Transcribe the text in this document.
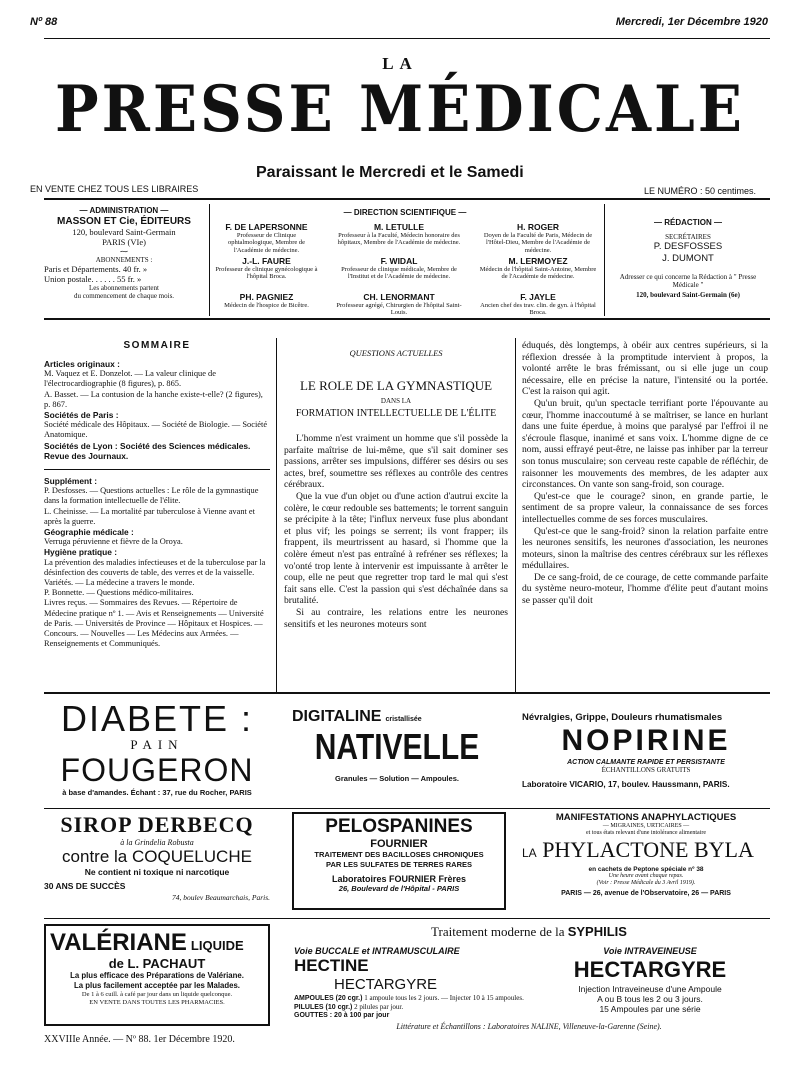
Nº 88	Mercredi, 1er Décembre 1920
LA
PRESSE MÉDICALE
Paraissant le Mercredi et le Samedi
EN VENTE CHEZ TOUS LES LIBRAIRES	LE NUMÉRO : 50 centimes.
— ADMINISTRATION —
MASSON ET Cie, ÉDITEURS
120, boulevard Saint-Germain
PARIS (VIe)
⁓
ABONNEMENTS :
Paris et Départements. 40 fr. »
Union postale. . . . . . 55 fr. »
Les abonnements partent
du commencement de chaque mois.
— DIRECTION SCIENTIFIQUE —
F. DE LAPERSONNE
Professeur de Clinique ophtalmologique, Membre de l'Académie de médecine.
M. LETULLE
Professeur à la Faculté, Médecin honoraire des hôpitaux, Membre de l'Académie de médecine.
H. ROGER
Doyen de la Faculté de Paris, Médecin de l'Hôtel-Dieu, Membre de l'Académie de médecine.
J.-L. FAURE
Professeur de clinique gynécologique à l'hôpital Broca.
F. WIDAL
Professeur de clinique médicale, Membre de l'Institut et de l'Académie de médecine.
M. LERMOYEZ
Médecin de l'hôpital Saint-Antoine, Membre de l'Académie de médecine.
PH. PAGNIEZ
Médecin de l'hospice de Bicêtre.
CH. LENORMANT
Professeur agrégé, Chirurgien de l'hôpital Saint-Louis.
F. JAYLE
Ancien chef des trav. clin. de gyn. à l'hôpital Broca.
— RÉDACTION —
SECRÉTAIRES
P. DESFOSSES
J. DUMONT
Adresser ce qui concerne la Rédaction à " Presse Médicale "
120, boulevard Saint-Germain (6e)
SOMMAIRE
Articles originaux :
M. Vaquez et E. Donzelot. — La valeur clinique de l'électrocardiographie (8 figures), p. 865.
A. Basset. — La contusion de la hanche existe-t-elle? (2 figures), p. 867.
Sociétés de Paris :
Société médicale des Hôpitaux. — Société de Biologie. — Société Anatomique.
Sociétés de Lyon : Société des Sciences médicales.
Revue des Journaux.
Supplément :
P. Desfosses. — Questions actuelles : Le rôle de la gymnastique dans la formation intellectuelle de l'élite.
L. Cheinisse. — La mortalité par tuberculose à Vienne avant et après la guerre.
Géographie médicale :
Verruga péruvienne et fièvre de la Oroya.
Hygiène pratique :
La prévention des maladies infectieuses et de la tuberculose par la désinfection des couverts de table, des verres et de la vaisselle.
Variétés. — La médecine a travers le monde.
P. Bonnette. — Questions médico-militaires.
Livres reçus. — Sommaires des Revues. — Répertoire de Médecine pratique nº 1. — Avis et Renseignements — Université de Paris. — Universités de Province — Hôpitaux et Hospices. — Concours. — Nouvelles — Les Médecins aux Armées. — Renseignements et Communiqués.
QUESTIONS ACTUELLES
LE ROLE DE LA GYMNASTIQUE
DANS LA
FORMATION INTELLECTUELLE DE L'ÉLITE

L'homme n'est vraiment un homme que s'il possède la parfaite maîtrise de lui-même, que s'il sait dominer ses passions, arrêter ses impulsions, différer ses désirs ou ses actes, bref, soumettre ses réflexes au contrôle des centres cérébraux.

Que la vue d'un objet ou d'une action d'autrui excite la colère, le cœur redouble ses battements; le torrent sanguin se précipite à la tête; l'influx nerveux fuse plus abondant et plus vif; les poings se serrent; ils vont frapper; ils frappent, ils meurtrissent au hasard, si l'homme que la colère émeut n'est pas entraîné à refréner ses réflexes; la vo'onté trop lente à intervenir est impuissante à arrêter le coup, elle ne peut que regretter trop tard le mal qui s'est fait sans elle. C'est la passion qui s'est déchaînée dans sa brutalité.

Si au contraire, les relations entre les neurones sensitifs et les neurones moteurs sont

éduqués, dès longtemps, à obéir aux centres supérieurs, si la réflexion dressée à la promptitude intervient à propos, la volonté arrête le bras frémissant, ou si elle juge un coup nécessaire, elle en précise la nature, l'intensité ou la portée. C'est la raison qui agit.

Qu'un bruit, qu'un spectacle terrifiant porte l'épouvante au cœur, l'homme inaccoutumé à se maîtriser, se lance en hurlant dans une fuite éperdue, à moins que paralysé par l'effroi il ne s'écroule flasque, inanimé et sans voix. L'homme digne de ce nom, aussi effrayé peut-être, ne laisse pas inhiber par la terreur son tonus musculaire; son cerveau reste capable de réfléchir, de raisonner les mouvements des membres, de les adapter aux circonstances. On vante son sang-froid, son courage.

Qu'est-ce que le courage? sinon, en grande partie, le sentiment de sa propre valeur, la connaissance de ses forces intellectuelles comme de ses forces musculaires.

Qu'est-ce que le sang-froid? sinon la relation parfaite entre les neurones sensitifs, les neurones d'association, les neurones moteurs, sinon la maîtrise des centres cérébraux sur les réflexes médullaires.

De ce sang-froid, de ce courage, de cette commande parfaite du système neuro-moteur, l'homme d'élite peut d'autant moins se passer qu'il doit

DIABETE :
PAIN
FOUGERON
à base d'amandes. Échant : 37, rue du Rocher, PARIS
DIGITALINE cristallisée
NATIVELLE
Granules — Solution — Ampoules.
Névralgies, Grippe, Douleurs rhumatismales
NOPIRINE
ACTION CALMANTE RAPIDE ET PERSISTANTE
ÉCHANTILLONS GRATUITS
Laboratoire VICARIO, 17, boulev. Haussmann, PARIS.
SIROP DERBECQ
à la Grindelia Robusta
contre la COQUELUCHE
Ne contient ni toxique ni narcotique
30 ANS DE SUCCÈS
74, boulev Beaumarchais, Paris.
PELOSPANINES
FOURNIER
TRAITEMENT DES BACILLOSES CHRONIQUES
PAR LES SULFATES DE TERRES RARES
Laboratoires FOURNIER Frères
26, Boulevard de l'Hôpital - PARIS
MANIFESTATIONS ANAPHYLACTIQUES
— MIGRAINES, URTICAIRES —
et tous états relevant d'une intolérance alimentaire
LA PHYLACTONE BYLA
en cachets de Peptone spéciale nº 38
Une heure avant chaque repas.
(Voir : Presse Médicale du 3 Avril 1919).
PARIS — 26, avenue de l'Observatoire, 26 — PARIS
VALÉRIANE LIQUIDE
de L. PACHAUT
La plus efficace des Préparations de Valériane.
La plus facilement acceptée par les Malades.
De 1 à 6 cuill. à café par jour dans un liquide quelconque.
EN VENTE DANS TOUTES LES PHARMACIES.
XXVIIIe Année. — Nº 88. 1er Décembre 1920.
Traitement moderne de la SYPHILIS
Voie BUCCALE et INTRAMUSCULAIRE
HECTINE
HECTARGYRE
AMPOULES (20 cgr.) 1 ampoule tous les 2 jours. — Injecter 10 à 15 ampoules.
PILULES (10 cgr.) 2 pilules par jour.
GOUTTES : 20 à 100 par jour
Voie INTRAVEINEUSE
HECTARGYRE
Injection Intraveineuse d'une Ampoule
A ou B tous les 2 ou 3 jours.
15 Ampoules par une série
Littérature et Échantillons : Laboratoires NALINE, Villeneuve-la-Garenne (Seine).
